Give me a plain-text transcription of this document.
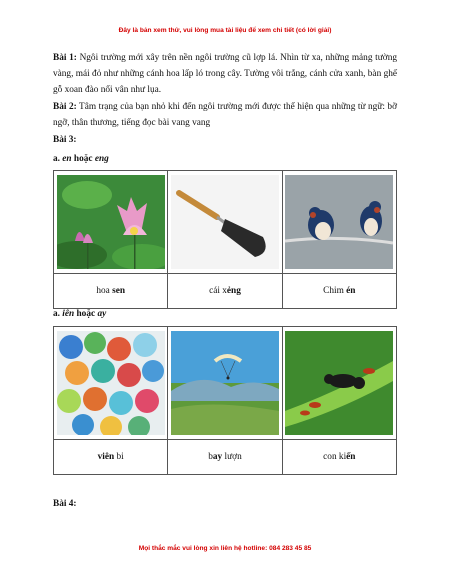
Đây là bản xem thử, vui lòng mua tài liệu để xem chi tiết (có lời giải)

Bài 1: Ngôi trường mới xây trên nền ngôi trường cũ lợp lá. Nhìn từ xa, những mảng tường vàng, mái đỏ như những cánh hoa lấp ló trong cây. Tường vôi trắng, cánh cửa xanh, bàn ghế gỗ xoan đào nổi vân như lụa.

Bài 2: Tâm trạng của bạn nhỏ khi đến ngôi trường mới được thể hiện qua những từ ngữ: bỡ ngỡ, thân thương, tiếng đọc bài vang vang

Bài 3:

a. en hoặc eng

hoa sen	cái xẻng	Chim én
a. iên hoặc ay

viên bi	bay lượn	con kiến
Bài 4:
Mọi thắc mắc vui lòng xin liên hệ hotline: 084 283 45 85
